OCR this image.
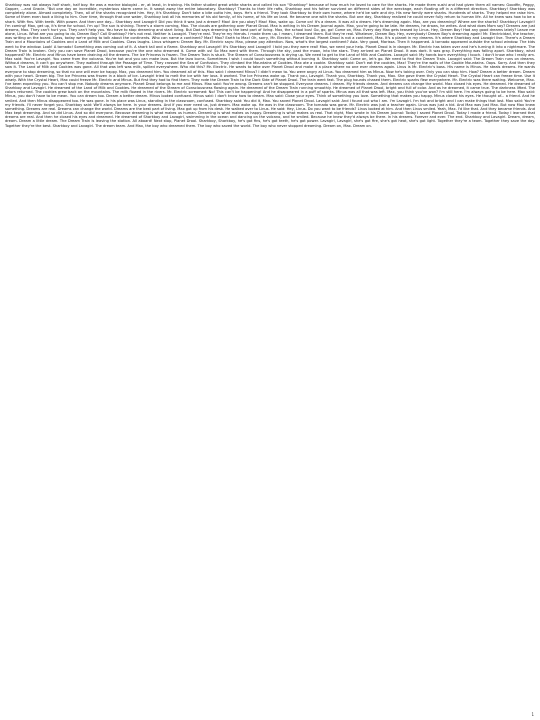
Sharkboy was not always half shark, half boy. He was a marine biologist - er, at least, in training. His father studied great white sharks and called his son "Sharkboy" because of how much he loved to care for the sharks. He made them sushi and had given them all names: Goodfin, Peggy, Gapper, ...and Gracie. "But one day an incredible, mysterious storm came in. It swept away the entire laboratory. Sharkboy! Thanks to their life rafts, Sharkboy and his father survived on different sides of the wreckage, each floating off in a different direction. Sharkboy! Sharkboy was completely alone. Almost completely. Then, all of the sharks recognized him. Hey, it's Sharkboy. Don't take a bite outta him, boys. He's a friend. They took Sharkboy to their own home, where he'd be safe and dry. His new family were sharks. Hundreds of sharks. They helped me raise him. Some of them even took a liking to him. Over time, through that one water, Sharkboy lost all his memories of his old family, of his home, of his life on land. He became one with the sharks. But one day, Sharkboy realized he could never fully return to human life. All he knew was how to be a shark. With fins. With teeth. With power. And then one day... Sharkboy and Lavagirl! Did you think it was just a dream? Max! Are you okay? Max! Max, wake up. Come on! It's a dream. It was all a dream. He's dreaming again. Max, are you dreaming? Where are the sharks? Sharkboy! Lavagirl! I'm coming! Max, get up, it's time for school. I'm up! The sun is shining. There's a storm coming, Max. The clouds are gathering over Planet Drool. Max is writing in his Dream Journal again. Max, you're going to be late. He dreams, he draws, he writes. And what does Mom say? Dreams are just dreams, Max. They can't hurt you. They can't help you. You have to stop dreaming and start living. But Dad says dreaming is the best part of living. Max, the school bus! Go, go, go! Come on, Max. Every day Max gets teased by Linus. Hey, Dream Boy! Had any good dreams lately? Leave me alone, Linus. What are you going to do, Dream Boy? Call Sharkboy? He's not real. Neither is Lavagirl. They're real. They're my friends. I made them up. I mean, I dreamed them. But they're real. Whatever, Dream Boy. Hey, everybody! Dream Boy's dreaming again! Mr. Electricidad, the teacher, was writing on the board. Class, today we're going to talk about the continents. Who can name a continent? Max? Max? Earth to Max! Oh, sorry, Mr. Electric. Planet Drool. Planet Drool is not a continent, Max. It's a planet in my dreams. It's where Sharkboy and Lavagirl live. There's a Dream Train and a Mountains of Cookies and a Land of Milk and Cookies. Class laughs. Linus whispers: Dream Boy. Mr. Electric says: Max, please pay attention. Now, what's the largest continent? Asia. Very good, Marissa. Then it happened. A tornado appeared outside the school window. The kids went to the window. Look! A tornado! Something was coming out of it. A shark tail and a flame. Sharkboy and Lavagirl! It's Sharkboy and Lavagirl! I told you they were real! Max, we need your help. Planet Drool is in danger. Mr. Electric has taken over and he's turning it into a nightmare. The Dream Train is broken. Only you can save Planet Drool, because you're the one who dreamed it. Come with us! So Max went with them. Through the sky, past the moon, into the stars. They arrived on Planet Drool. It was dark. It was gray. Everything was falling apart. Sharkboy, what happened? Mr. Electric and Minus have been draining all the dreams. The Ice Princess is frozen. The Dream Train is stuck. The Stream of Consciousness is drying up. We need to get to the Land of Milk and Cookies. Lavagirl said: My hands burn everything I touch. I don't know who I really am. Max said: You're Lavagirl. You came from the volcano. You're hot and you can make lava. But the lava burns. Sometimes I wish I could touch something without burning it. Sharkboy said: Come on, let's go. We need to find the Dream Train. Lavagirl said: The Dream Train runs on dreams. Without dreams, it can't go anywhere. They walked through the Passage of Time. They crossed the Sea of Confusion. They climbed the Mountains of Cookies. Max ate a cookie. Sharkboy said: Don't eat the cookies, Max! They're the walls of the Cookie Mountains. Oops. Sorry. And then they saw it. The Land of Milk and Cookies was gone. All that was left was milk, spilled everywhere. Who did this? Mr. Electric. He wants to take over Planet Drool and make it a place where no one ever dreams again. Linus is Mr. Electric's boss. His name is Minus. He steals dreams. He wants everyone to stop dreaming, so that no one will ever be happy. Max, you dreamed him. You dreamed all of this. Max said: I dreamed Minus? I didn't mean to. You were angry at Linus. You dreamed him as Minus. Now he's taking over. Only you can stop him. How? Dream a better dream. Dream with your heart. Dream big. The Ice Princess was frozen in a block of ice. Lavagirl tried to melt the ice with her lava. It worked. The Ice Princess woke up. Thank you, Lavagirl. Thank you, Sharkboy. Thank you, Max. She gave them the Crystal Heart. The Crystal Heart can freeze time. Use it wisely. With the Crystal Heart, Max could freeze Mr. Electric and Minus. But first they had to find them. They rode the Dream Train to the Dark Side of Planet Drool. The train went fast. The plug hounds chased them. Electric sparks flew everywhere. Mr. Electric was there waiting. Welcome, Max. I've been expecting you. You can't stop me. Nobody dreams anymore. Planet Drool belongs to me and Minus. Max said: You're wrong. Dreams can't be stopped. Everyone dreams. I dream. My friends dream. And dreams can change the world. Max closed his eyes. He dreamed. He dreamed of Sharkboy and Lavagirl. He dreamed of the Land of Milk and Cookies. He dreamed of the Stream of Consciousness flowing again. He dreamed of the Dream Train running smoothly. He dreamed of Planet Drool, bright and full of color. And as he dreamed, it came true. The darkness lifted. The colors returned. The cookies grew back on the mountains. The milk flowed in the rivers. Mr. Electric screamed: No! This can't be happening! And he disappeared in a puff of sparks. Minus was all that was left. Max, you think you've won? I'm still here. I'm always going to be here. Max said: Minus, you don't have to be mean. You can dream too. Dream a better dream. Minus looked confused. Minus said: I don't know how to dream. Max said: Close your eyes. Think of something you love. Something that makes you happy. Minus closed his eyes. He thought of... a friend. And he smiled. And then Minus disappeared too. He was gone. In his place was Linus, standing in the classroom, confused. Sharkboy said: You did it, Max. You saved Planet Drool. Lavagirl said: And I found out who I am. I'm Lavagirl. I'm hot and bright and I can make things that last. Max said: You're my friends. I'll never forget you. Sharkboy said: We'll always be here. In your dreams. And if you ever need us, just dream. Max woke up. He was in the classroom. The tornado was gone. Mr. Electric was just a teacher again. Linus was just a kid. And Max was just Max. But now Max knew something. Dreams are real. Dreams can change the world. Dreams are the best part of living. Max got up from his desk. He walked over to Linus. He said: Hey, Linus. Do you want to be friends? Linus looked at him. And then Linus smiled. Yeah, Max. I'd like that. And they became friends. And Max kept dreaming. And so did Linus. And so did everyone. Because dreaming is what makes us human. Dreaming is what makes us happy. Dreaming is what makes us real. That night, Max wrote in his Dream Journal: Today I saved Planet Drool. Today I made a friend. Today I learned that dreams are real. And then he closed his eyes and dreamed. He dreamed of Sharkboy and Lavagirl, swimming in the ocean and dancing on the volcano, and he smiled. Because he knew they'd always be there. In his dreams. Forever and ever. The end. Sharkboy and Lavagirl. Dream, dream, dream. Dream a little dream. The Dream Train is leaving the station. All aboard! Next stop, Planet Drool. Sharkboy, Sharkboy, he's got fins, he's got teeth, he's got power. Lavagirl, Lavagirl, she's got fire, she's got heat, she's got light. Together they're a team. Together they save the day. Together they're the best. Sharkboy and Lavagirl. The dream team. And Max, the boy who dreamed them. The boy who saved the world. The boy who never stopped dreaming. Dream on, Max. Dream on.
1
